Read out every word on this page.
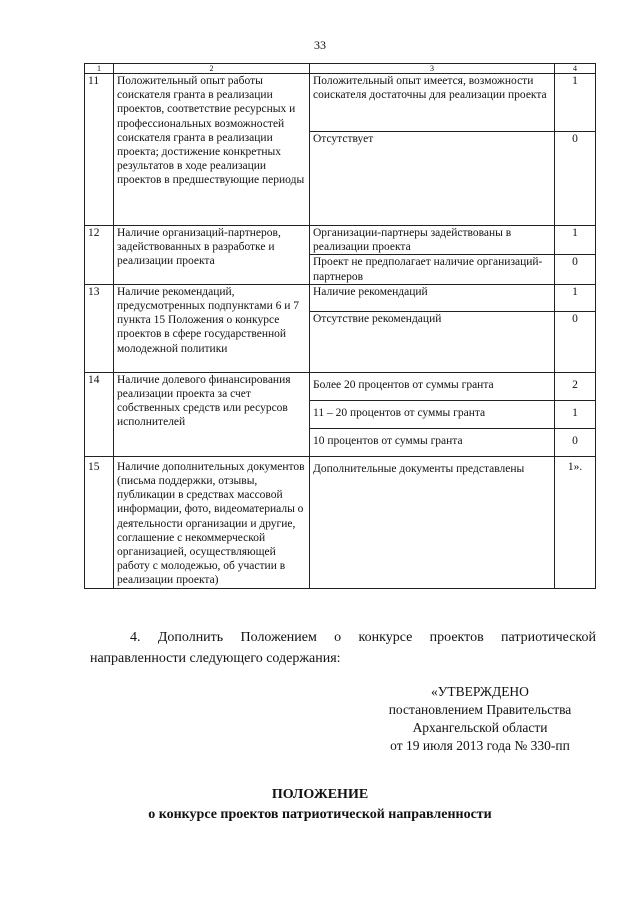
33
1	2	3	4
11	Положительный опыт работы соискателя гранта в реализации проектов, соответствие ресурсных и профессиональных возможностей соискателя гранта в реализации проекта; достижение конкретных результатов в ходе реализации проектов в предшествующие периоды	Положительный опыт имеется, возможности соискателя достаточны для реализации проекта	1
		Отсутствует	0
12	Наличие организаций-партнеров, задействованных в разработке и реализации проекта	Организации-партнеры задействованы в реализации проекта	1
		Проект не предполагает наличие организаций-партнеров	0
13	Наличие рекомендаций, предусмотренных подпунктами 6 и 7 пункта 15 Положения о конкурсе проектов в сфере государственной молодежной политики	Наличие рекомендаций	1
		Отсутствие рекомендаций	0
14	Наличие долевого финансирования реализации проекта за счет собственных средств или ресурсов исполнителей	Более 20 процентов от суммы гранта	2
		11 – 20 процентов от суммы гранта	1
		10 процентов от суммы гранта	0
15	Наличие дополнительных документов (письма поддержки, отзывы, публикации в средствах массовой информации, фото, видеоматериалы о деятельности организации и другие, соглашение с некоммерческой организацией, осуществляющей работу с молодежью, об участии в реализации проекта)	Дополнительные документы представлены	1».
4. Дополнить Положением о конкурсе проектов патриотической направленности следующего содержания:
«УТВЕРЖДЕНО
постановлением Правительства
Архангельской области
от 19 июля 2013 года № 330-пп
ПОЛОЖЕНИЕ
о конкурсе проектов патриотической направленности
